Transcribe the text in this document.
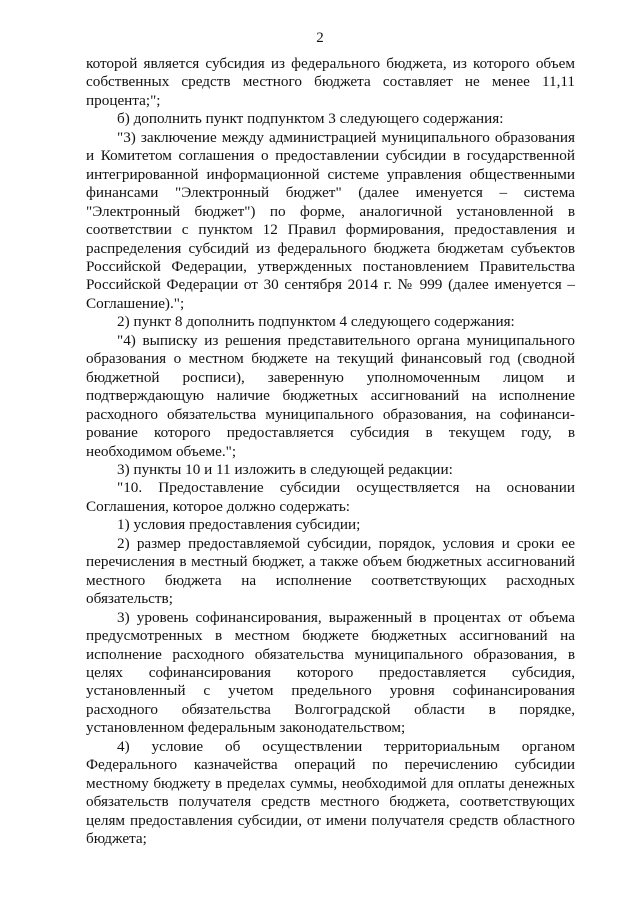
2

которой является субсидия из федерального бюджета, из которого объем собственных средств местного бюджета составляет не менее 11,11 процента;";

б) дополнить пункт подпунктом 3 следующего содержания:

"3) заключение между администрацией муниципального образования и Комитетом соглашения о предоставлении субсидии в государственной интегрированной информационной системе управления общественными финансами "Электронный бюджет" (далее именуется – система "Электронный бюджет") по форме, аналогичной установленной в соответствии с пунктом 12 Правил формирования, предоставления и распределения субсидий из федерального бюджета бюджетам субъектов Российской Федерации, утвержденных постановлением Правительства Российской Федерации от 30 сентября 2014 г. № 999 (далее именуется – Соглашение).";

2) пункт 8 дополнить подпунктом 4 следующего содержания:

"4) выписку из решения представительного органа муниципального образования о местном бюджете на текущий финансовый год (сводной бюджетной росписи), заверенную уполномоченным лицом и подтверждающую наличие бюджетных ассигнований на исполнение расходного обязательства муниципального образования, на софинанси-рование которого предоставляется субсидия в текущем году, в необходимом объеме.";

3) пункты 10 и 11 изложить в следующей редакции:

"10. Предоставление субсидии осуществляется на основании Соглашения, которое должно содержать:

1) условия предоставления субсидии;

2) размер предоставляемой субсидии, порядок, условия и сроки ее перечисления в местный бюджет, а также объем бюджетных ассигнований местного бюджета на исполнение соответствующих расходных обязательств;

3) уровень софинансирования, выраженный в процентах от объема предусмотренных в местном бюджете бюджетных ассигнований на исполнение расходного обязательства муниципального образования, в целях софинансирования которого предоставляется субсидия, установленный с учетом предельного уровня софинансирования расходного обязательства Волгоградской области в порядке, установленном федеральным законодательством;

4) условие об осуществлении территориальным органом Федерального казначейства операций по перечислению субсидии местному бюджету в пределах суммы, необходимой для оплаты денежных обязательств получателя средств местного бюджета, соответствующих целям предоставления субсидии, от имени получателя средств областного бюджета;
